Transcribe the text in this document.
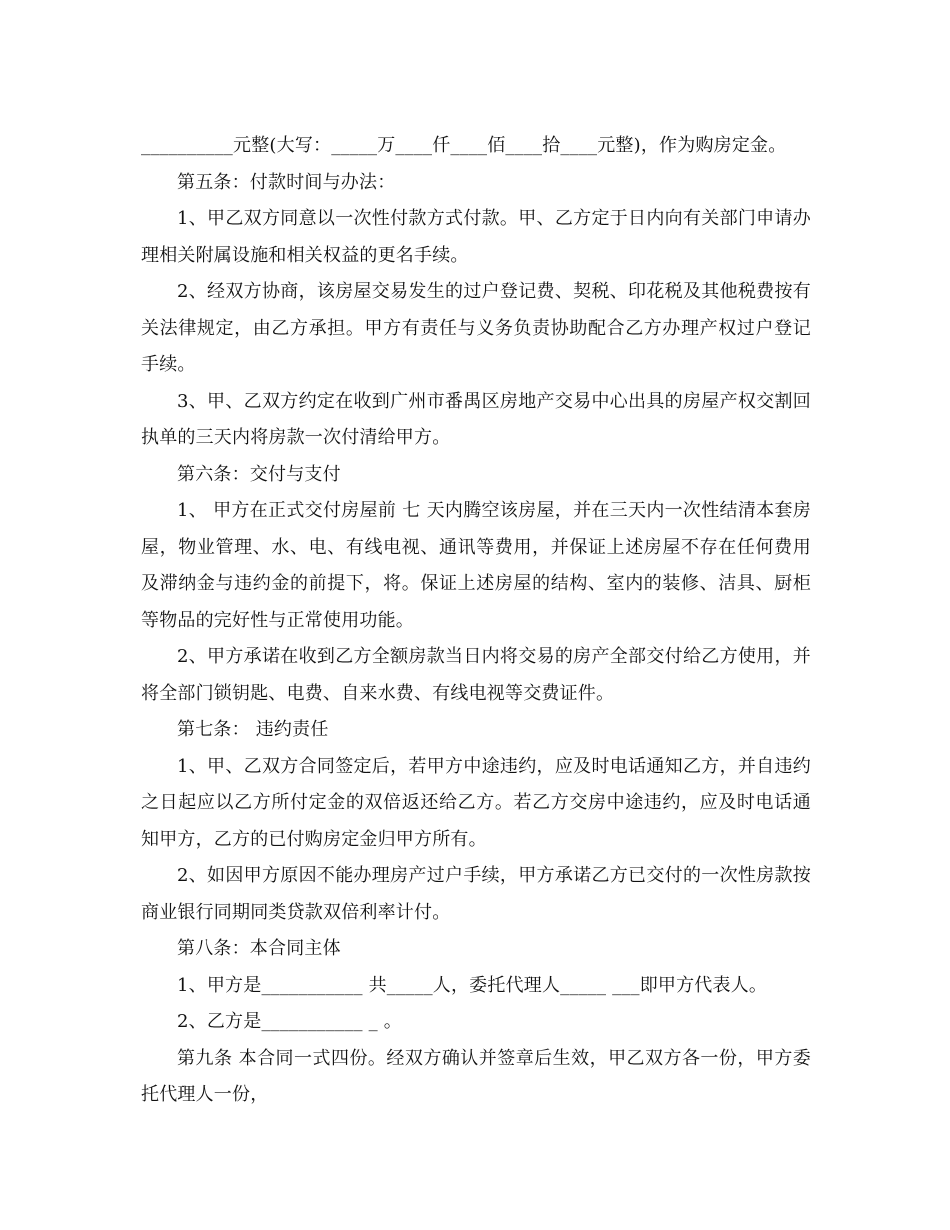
__________元整(大写：_____万____仟____佰____拾____元整)，作为购房定金。

第五条：付款时间与办法：

1、甲乙双方同意以一次性付款方式付款。甲、乙方定于日内向有关部门申请办理相关附属设施和相关权益的更名手续。

2、经双方协商，该房屋交易发生的过户登记费、契税、印花税及其他税费按有关法律规定，由乙方承担。甲方有责任与义务负责协助配合乙方办理产权过户登记手续。

3、甲、乙双方约定在收到广州市番禺区房地产交易中心出具的房屋产权交割回执单的三天内将房款一次付清给甲方。

第六条：交付与支付

1、 甲方在正式交付房屋前 七 天内腾空该房屋，并在三天内一次性结清本套房屋，物业管理、水、电、有线电视、通讯等费用，并保证上述房屋不存在任何费用及滞纳金与违约金的前提下，将。保证上述房屋的结构、室内的装修、洁具、厨柜等物品的完好性与正常使用功能。

2、甲方承诺在收到乙方全额房款当日内将交易的房产全部交付给乙方使用，并将全部门锁钥匙、电费、自来水费、有线电视等交费证件。

第七条： 违约责任

1、甲、乙双方合同签定后，若甲方中途违约，应及时电话通知乙方，并自违约之日起应以乙方所付定金的双倍返还给乙方。若乙方交房中途违约，应及时电话通知甲方，乙方的已付购房定金归甲方所有。

2、如因甲方原因不能办理房产过户手续，甲方承诺乙方已交付的一次性房款按商业银行同期同类贷款双倍利率计付。

第八条：本合同主体

1、甲方是___________ 共_____人，委托代理人_____ ___即甲方代表人。

2、乙方是___________ _ 。

第九条 本合同一式四份。经双方确认并签章后生效，甲乙双方各一份，甲方委托代理人一份，
